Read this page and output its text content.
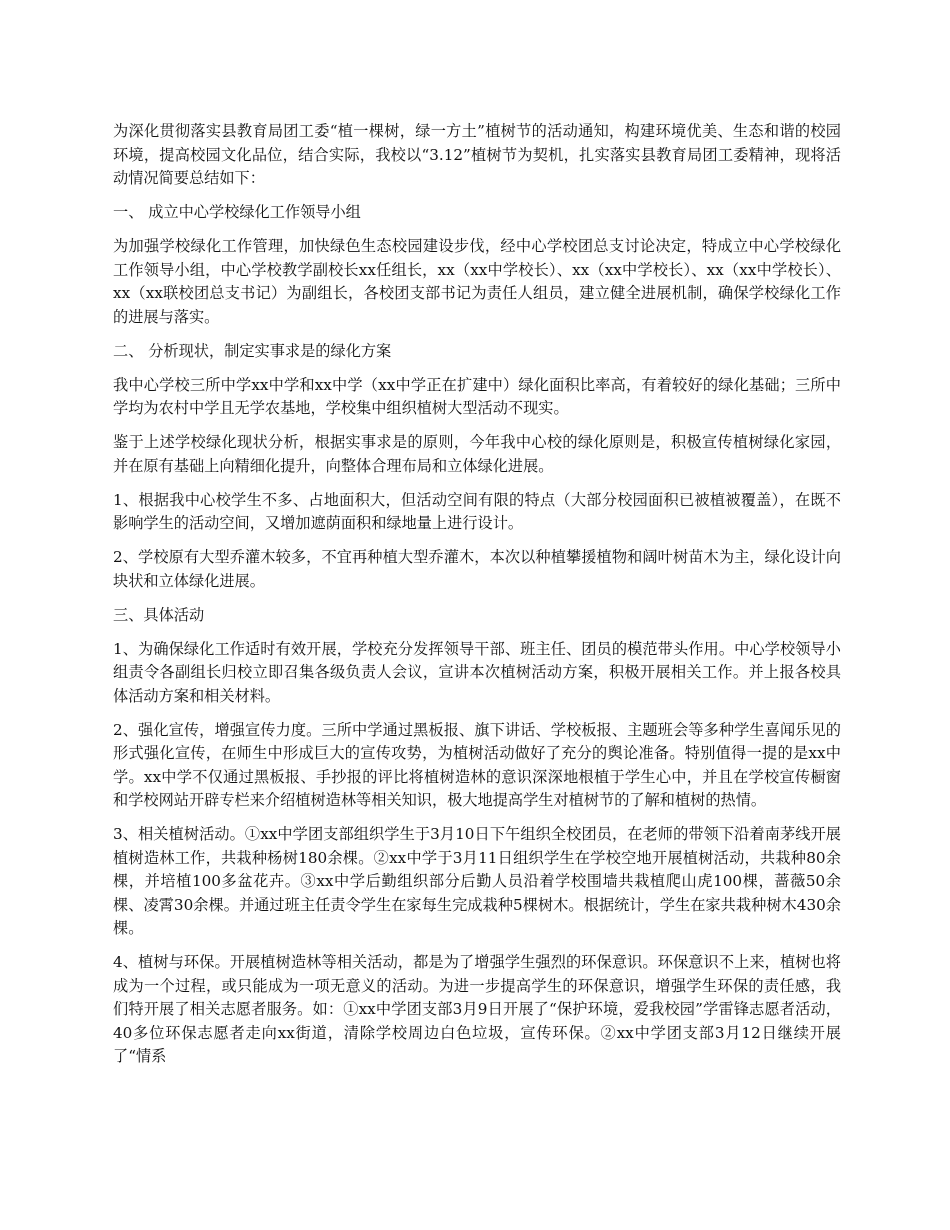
为深化贯彻落实县教育局团工委“植一棵树，绿一方土”植树节的活动通知，构建环境优美、生态和谐的校园环境，提高校园文化品位，结合实际，我校以“3.12”植树节为契机，扎实落实县教育局团工委精神，现将活动情况简要总结如下：

一、 成立中心学校绿化工作领导小组

为加强学校绿化工作管理，加快绿色生态校园建设步伐，经中心学校团总支讨论决定，特成立中心学校绿化工作领导小组，中心学校教学副校长xx任组长，xx（xx中学校长）、xx（xx中学校长）、xx（xx中学校长）、xx（xx联校团总支书记）为副组长，各校团支部书记为责任人组员，建立健全进展机制，确保学校绿化工作的进展与落实。

二、 分析现状，制定实事求是的绿化方案

我中心学校三所中学xx中学和xx中学（xx中学正在扩建中）绿化面积比率高，有着较好的绿化基础；三所中学均为农村中学且无学农基地，学校集中组织植树大型活动不现实。

鉴于上述学校绿化现状分析，根据实事求是的原则，今年我中心校的绿化原则是，积极宣传植树绿化家园，并在原有基础上向精细化提升，向整体合理布局和立体绿化进展。

1、根据我中心校学生不多、占地面积大，但活动空间有限的特点（大部分校园面积已被植被覆盖），在既不影响学生的活动空间，又增加遮荫面积和绿地量上进行设计。

2、学校原有大型乔灌木较多，不宜再种植大型乔灌木，本次以种植攀援植物和阔叶树苗木为主，绿化设计向块状和立体绿化进展。

三、具体活动

1、为确保绿化工作适时有效开展，学校充分发挥领导干部、班主任、团员的模范带头作用。中心学校领导小组责令各副组长归校立即召集各级负责人会议，宣讲本次植树活动方案，积极开展相关工作。并上报各校具体活动方案和相关材料。

2、强化宣传，增强宣传力度。三所中学通过黑板报、旗下讲话、学校板报、主题班会等多种学生喜闻乐见的形式强化宣传，在师生中形成巨大的宣传攻势，为植树活动做好了充分的舆论准备。特别值得一提的是xx中学。xx中学不仅通过黑板报、手抄报的评比将植树造林的意识深深地根植于学生心中，并且在学校宣传橱窗和学校网站开辟专栏来介绍植树造林等相关知识，极大地提高学生对植树节的了解和植树的热情。

3、相关植树活动。①xx中学团支部组织学生于3月10日下午组织全校团员，在老师的带领下沿着南茅线开展植树造林工作，共栽种杨树180余棵。②xx中学于3月11日组织学生在学校空地开展植树活动，共栽种80余棵，并培植100多盆花卉。③xx中学后勤组织部分后勤人员沿着学校围墙共栽植爬山虎100棵，蔷薇50余棵、凌霄30余棵。并通过班主任责令学生在家每生完成栽种5棵树木。根据统计，学生在家共栽种树木430余棵。

4、植树与环保。开展植树造林等相关活动，都是为了增强学生强烈的环保意识。环保意识不上来，植树也将成为一个过程，或只能成为一项无意义的活动。为进一步提高学生的环保意识，增强学生环保的责任感，我们特开展了相关志愿者服务。如：①xx中学团支部3月9日开展了“保护环境，爱我校园”学雷锋志愿者活动，40多位环保志愿者走向xx街道，清除学校周边白色垃圾，宣传环保。②xx中学团支部3月12日继续开展了“情系
